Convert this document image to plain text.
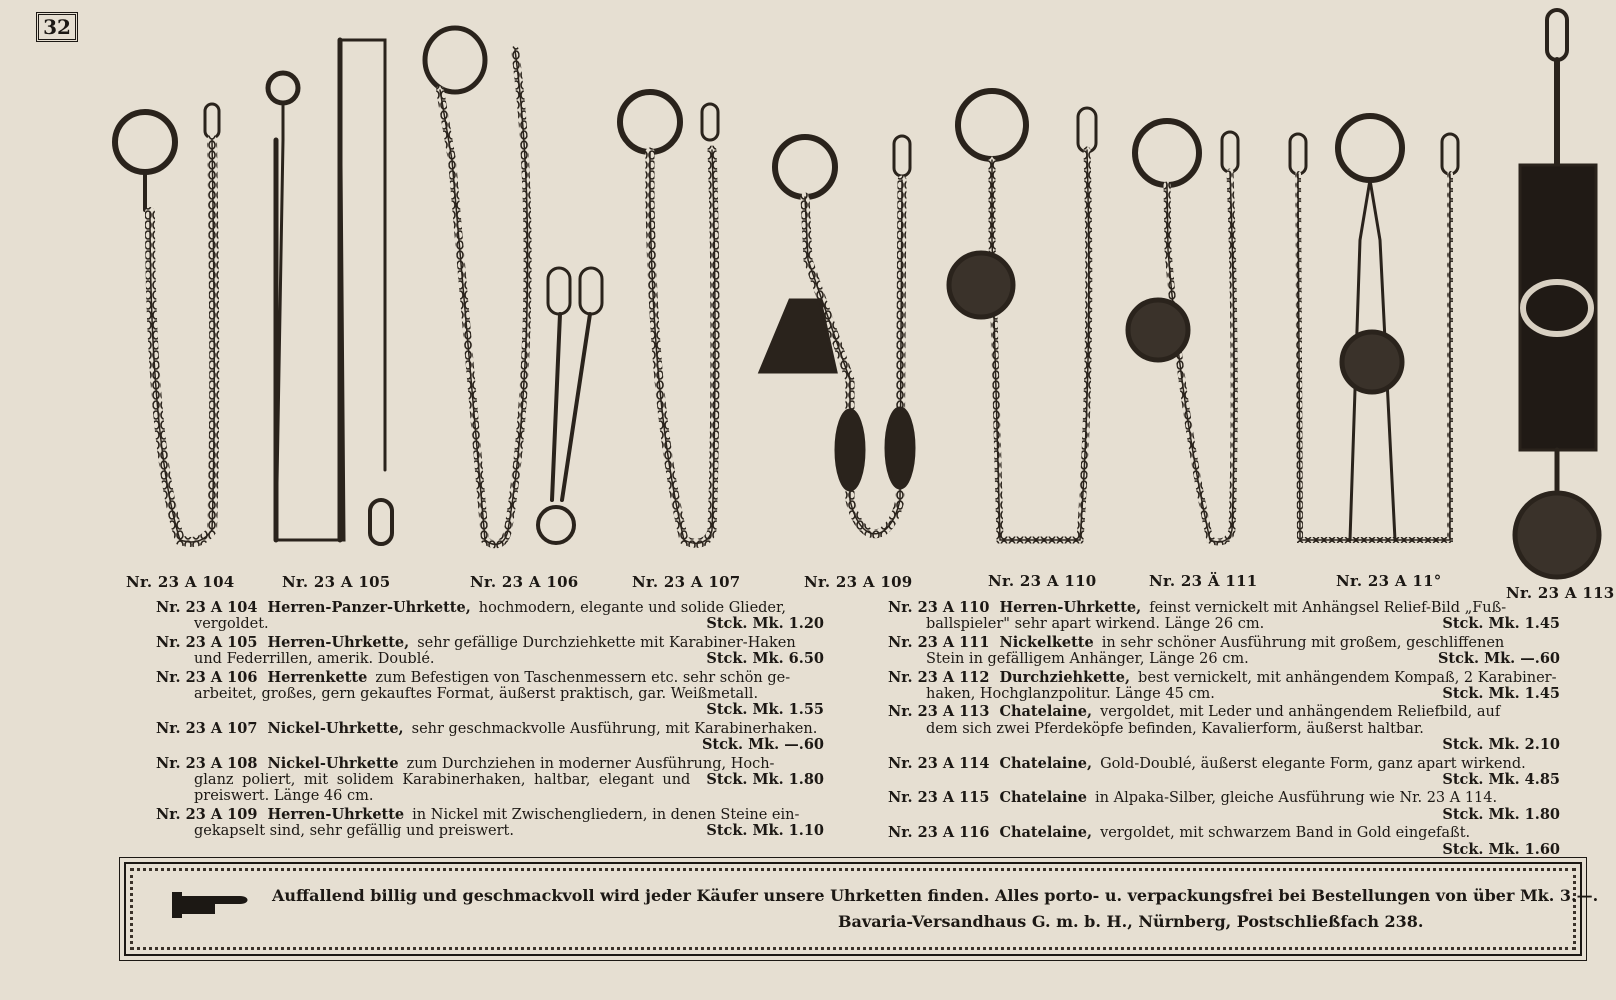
32
Nr. 23 A 104	Nr. 23 A 105	Nr. 23 A 106	Nr. 23 A 107	Nr. 23 A 109	Nr. 23 A 110	Nr. 23 Ä 111	Nr. 23 A 11°
Nr. 23 A 113
Nr. 23 A 104 Herren-Panzer-Uhrkette, hochmodern, elegante und solide Glieder,
vergoldet.	Stck. Mk. 1.20
Nr. 23 A 105 Herren-Uhrkette, sehr gefällige Durchziehkette mit Karabiner-Haken
und Federrillen, amerik. Doublé.	Stck. Mk. 6.50
Nr. 23 A 106 Herrenkette zum Befestigen von Taschenmessern etc. sehr schön ge-
arbeitet, großes, gern gekauftes Format, äußerst praktisch, gar. Weißmetall.
Stck. Mk. 1.55
Nr. 23 A 107 Nickel-Uhrkette, sehr geschmackvolle Ausführung, mit Karabinerhaken.
Stck. Mk. —.60
Nr. 23 A 108 Nickel-Uhrkette zum Durchziehen in moderner Ausführung, Hoch-
glanz poliert, mit solidem Karabinerhaken, haltbar, elegant und preiswert. Länge 46 cm.
Stck. Mk. 1.80
Nr. 23 A 109 Herren-Uhrkette in Nickel mit Zwischengliedern, in denen Steine ein-
gekapselt sind, sehr gefällig und preiswert.	Stck. Mk. 1.10
Nr. 23 A 110 Herren-Uhrkette, feinst vernickelt mit Anhängsel Relief-Bild „Fuß-
ballspieler" sehr apart wirkend. Länge 26 cm.	Stck. Mk. 1.45
Nr. 23 A 111 Nickelkette in sehr schöner Ausführung mit großem, geschliffenen
Stein in gefälligem Anhänger, Länge 26 cm.	Stck. Mk. —.60
Nr. 23 A 112 Durchziehkette, best vernickelt, mit anhängendem Kompaß, 2 Karabiner-
haken, Hochglanzpolitur. Länge 45 cm.	Stck. Mk. 1.45
Nr. 23 A 113 Chatelaine, vergoldet, mit Leder und anhängendem Reliefbild, auf
dem sich zwei Pferdeköpfe befinden, Kavalierform, äußerst haltbar.
Stck. Mk. 2.10
Nr. 23 A 114 Chatelaine, Gold-Doublé, äußerst elegante Form, ganz apart wirkend.
Stck. Mk. 4.85
Nr. 23 A 115 Chatelaine in Alpaka-Silber, gleiche Ausführung wie Nr. 23 A 114.
Stck. Mk. 1.80
Nr. 23 A 116 Chatelaine, vergoldet, mit schwarzem Band in Gold eingefaßt.
Stck. Mk. 1.60
Auffallend billig und geschmackvoll wird jeder Käufer unsere Uhrketten finden. Alles porto- u. verpackungsfrei bei Bestellungen von über Mk. 3.—.
Bavaria-Versandhaus G. m. b. H., Nürnberg, Postschließfach 238.
